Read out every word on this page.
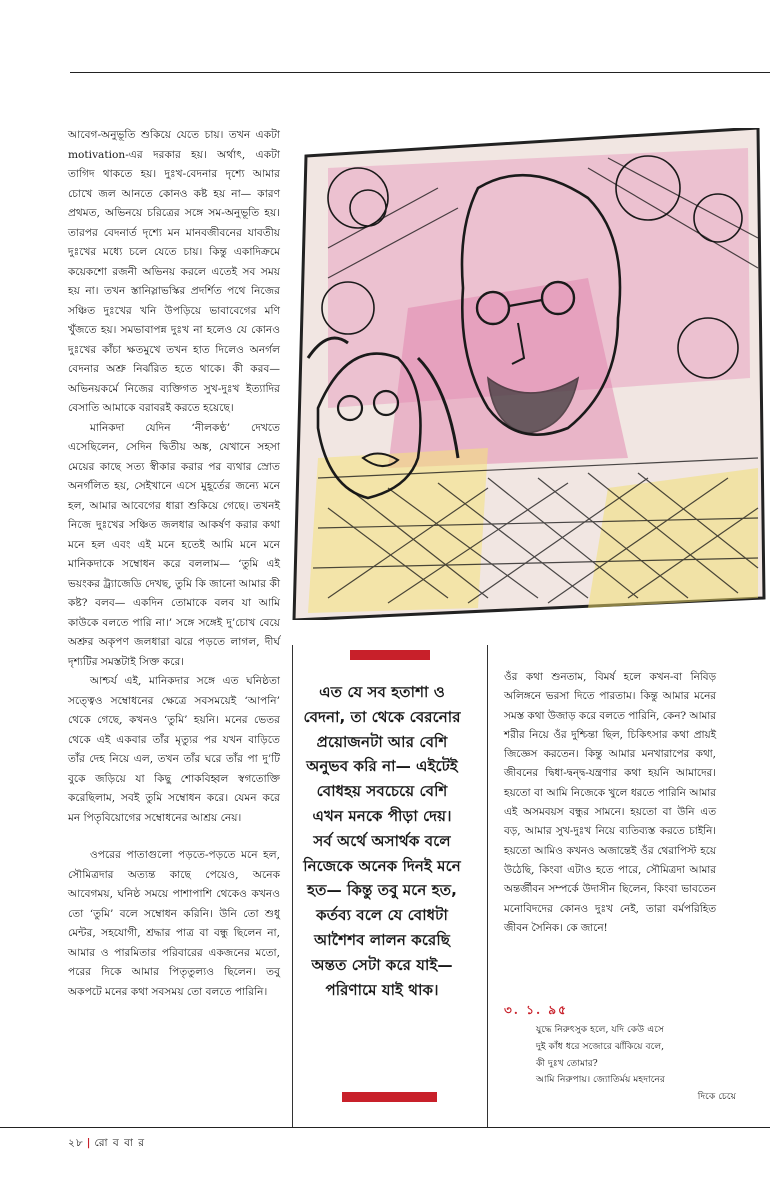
আবেগ-অনুভূতি শুকিয়ে যেতে চায়। তখন একটা motivation-এর দরকার হয়। অর্থাৎ, একটা তাগিদ থাকতে হয়। দুঃখ-বেদনার দৃশ্যে আমার চোখে জল আনতে কোনও কষ্ট হয় না— কারণ প্রথমত, অভিনয়ে চরিত্রের সঙ্গে সম-অনুভূতি হয়। তারপর বেদনার্ত দৃশ্যে মন মানবজীবনের যাবতীয় দুঃখের মধ্যে চলে যেতে চায়। কিন্তু একাদিক্রমে কয়েকশো রজনী অভিনয় করলে এতেই সব সময় হয় না। তখন স্তানিস্লাভস্কির প্রদর্শিত পথে নিজের সঞ্চিত দুঃখের খনি উপড়িয়ে ভাবাবেগের মণি খুঁজতে হয়। সমভাবাপন্ন দুঃখ না হলেও যে কোনও দুঃখের কাঁচা ক্ষতমুখে তখন হাত দিলেও অনর্গল বেদনার অশ্রু নির্ঝরিত হতে থাকে। কী করব— অভিনয়কর্মে নিজের ব্যক্তিগত সুখ-দুঃখ ইত্যাদির বেসাতি আমাকে বরাবরই করতে হয়েছে।

মানিকদা যেদিন ‘নীলকণ্ঠ’ দেখতে এসেছিলেন, সেদিন দ্বিতীয় অঙ্ক, যেখানে সহসা মেয়ের কাছে সত্য স্বীকার করার পর ব্যথার স্রোত অনর্গলিত হয়, সেইখানে এসে মুহূর্তের জন্যে মনে হল, আমার আবেগের ধারা শুকিয়ে গেছে। তখনই নিজে দুঃখের সঞ্চিত জলধার আকর্ষণ করার কথা মনে হল এবং এই মনে হতেই আমি মনে মনে মানিকদাকে সম্বোধন করে বললাম— ‘তুমি এই ভয়ংকর ট্র্যাজেডি দেখছ, তুমি কি জানো আমার কী কষ্ট? বলব— একদিন তোমাকে বলব যা আমি কাউকে বলতে পারি না।’ সঙ্গে সঙ্গেই দু’চোখ বেয়ে অশ্রুর অকৃপণ জলধারা ঝরে পড়তে লাগল, দীর্ঘ দৃশ্যটির সমস্তটাই সিক্ত করে।

আশ্চর্য এই, মানিকদার সঙ্গে এত ঘনিষ্ঠতা সত্ত্বেও সম্বোধনের ক্ষেত্রে সবসময়েই ‘আপনি’ থেকে গেছে, কখনও ‘তুমি’ হয়নি। মনের ভেতর থেকে এই একবার তাঁর মৃত্যুর পর যখন বাড়িতে তাঁর দেহ নিয়ে এল, তখন তাঁর ঘরে তাঁর পা দু’টি বুকে জড়িয়ে যা কিছু শোকবিহ্বল স্বগতোক্তি করেছিলাম, সবই তুমি সম্বোধন করে। যেমন করে মন পিতৃবিয়োগের সম্বোধনের আশ্রয় নেয়।

ওপরের পাতাগুলো পড়তে-পড়তে মনে হল, সৌমিত্রদার অত্যন্ত কাছে পেয়েও, অনেক আবেগময়, ঘনিষ্ঠ সময়ে পাশাপাশি থেকেও কখনও তো ‘তুমি’ বলে সম্বোধন করিনি। উনি তো শুধু মেন্টর, সহযোগী, শ্রদ্ধার পাত্র বা বন্ধু ছিলেন না, আমার ও পারমিতার পরিবারের একজনের মতো, পরের দিকে আমার পিতৃতুল্যও ছিলেন। তবু অকপটে মনের কথা সবসময় তো বলতে পারিনি।

এত যে সব হতাশা ও বেদনা, তা থেকে বেরনোর প্রয়োজনটা আর বেশি অনুভব করি না— এইটেই বোধহয় সবচেয়ে বেশি এখন মনকে পীড়া দেয়। সর্ব অর্থে অসার্থক বলে নিজেকে অনেক দিনই মনে হত— কিন্তু তবু মনে হত, কর্তব্য বলে যে বোধটা আশৈশব লালন করেছি অন্তত সেটা করে যাই— পরিণামে যাই থাক।

ওঁর কথা শুনতাম, বিমর্ষ হলে কখন-বা নিবিড় অলিঙ্গনে ভরসা দিতে পারতাম। কিন্তু আমার মনের সমস্ত কথা উজাড় করে বলতে পারিনি, কেন? আমার শরীর নিয়ে ওঁর দুশ্চিন্তা ছিল, চিকিৎসার কথা প্রায়ই জিজ্ঞেস করতেন। কিন্তু আমার মনখারাপের কথা, জীবনের দ্বিধা-দ্বন্দ্ব-যন্ত্রণার কথা হয়নি আমাদের। হয়তো বা আমি নিজেকে খুলে ধরতে পারিনি আমার এই অসমবয়স বন্ধুর সামনে। হয়তো বা উনি এত বড়, আমার সুখ-দুঃখ নিয়ে ব্যতিব্যস্ত করতে চাইনি। হয়তো আমিও কখনও অজান্তেই ওঁর থেরাপিস্ট হয়ে উঠেছি, কিংবা এটাও হতে পারে, সৌমিত্রদা আমার অন্তর্জীবন সম্পর্কে উদাসীন ছিলেন, কিংবা ভাবতেন মনোবিদদের কোনও দুঃখ নেই, তারা বর্মপরিহিত জীবন সৈনিক। কে জানে!

৩. ১. ৯৫
যুদ্ধে নিরুৎসুক হলে, যদি কেউ এসে
দুই কাঁধ ধরে সজোরে ঝাঁকিয়ে বলে,
কী দুঃখ তোমার?
আমি নিরুপায়। জ্যোতির্ময় মহদানের
দিকে চেয়ে
২৮ | রো ব বা র
